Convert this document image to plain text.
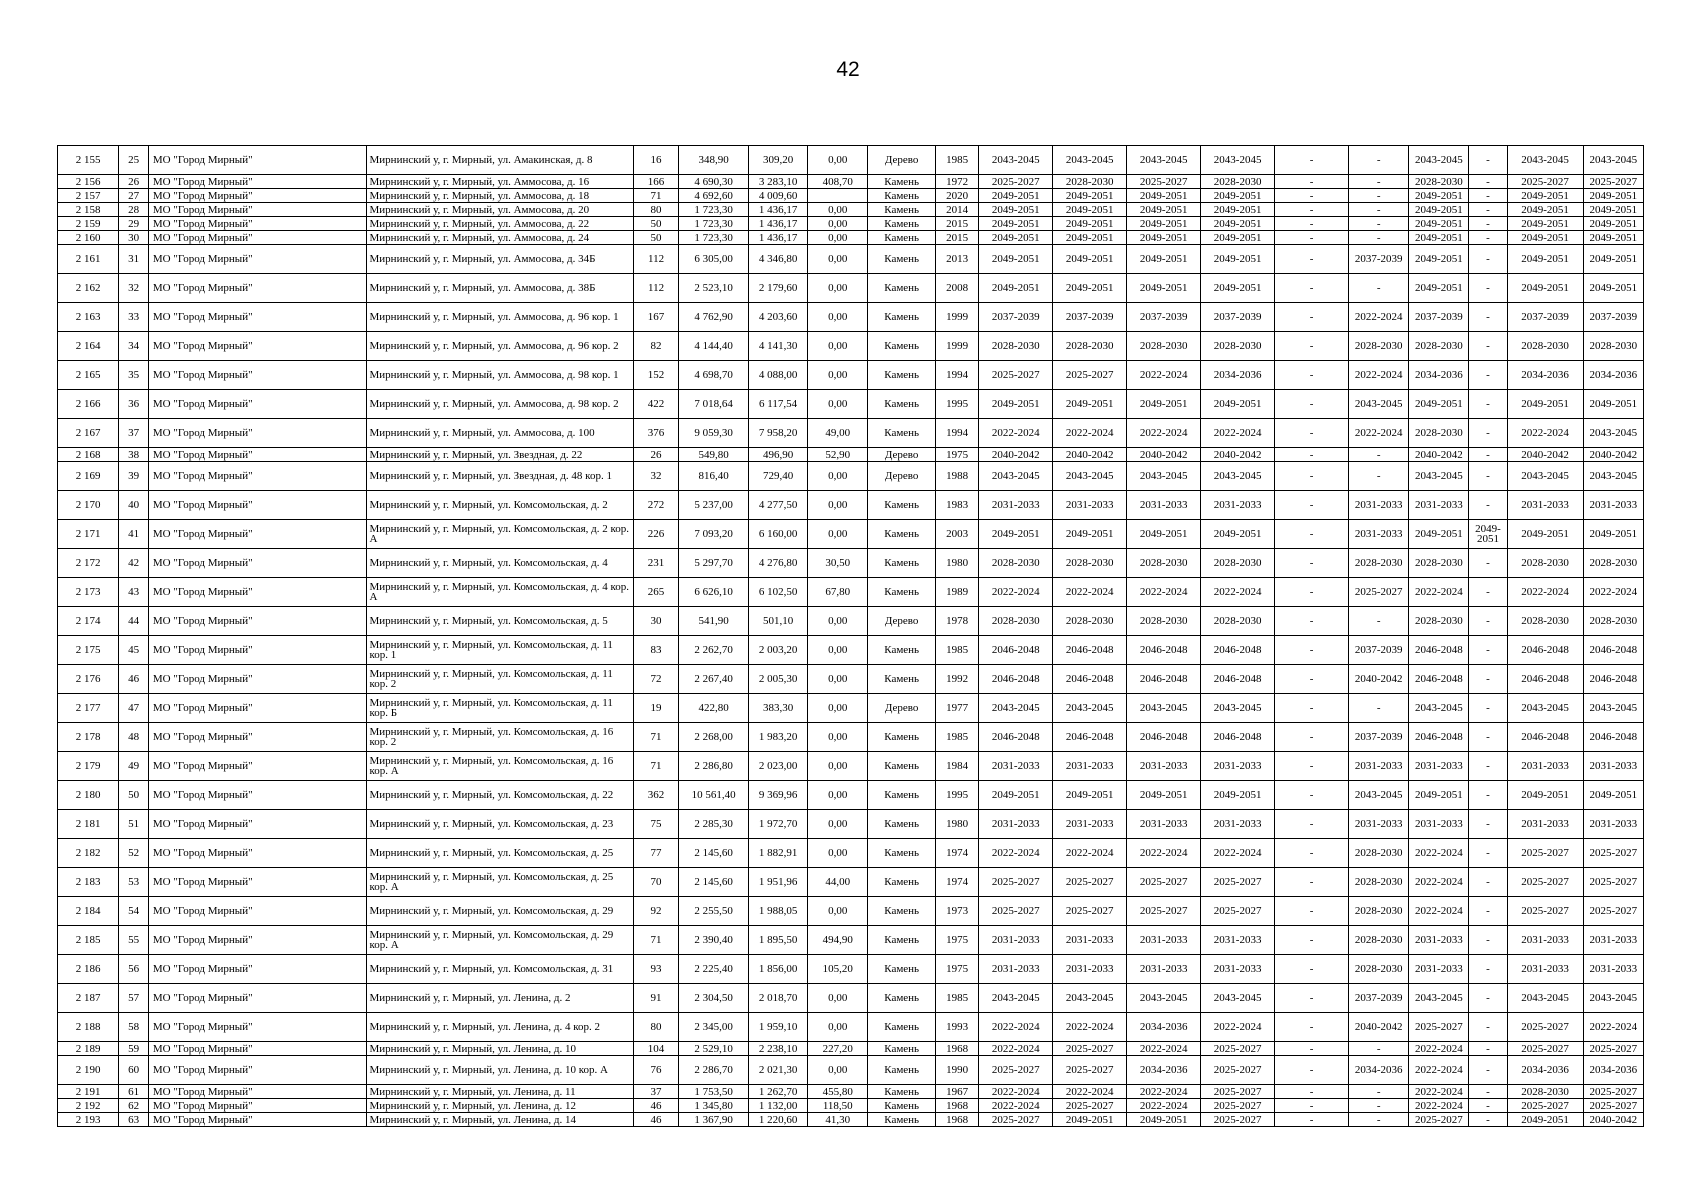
42
2 155	25	МО "Город Мирный"	Мирнинский у, г. Мирный, ул. Амакинская, д. 8	16	348,90	309,20	0,00	Дерево	1985	2043-2045	2043-2045	2043-2045	2043-2045	-	-	2043-2045	-	2043-2045	2043-2045
2 156	26	МО "Город Мирный"	Мирнинский у, г. Мирный, ул. Аммосова, д. 16	166	4 690,30	3 283,10	408,70	Камень	1972	2025-2027	2028-2030	2025-2027	2028-2030	-	-	2028-2030	-	2025-2027	2025-2027
2 157	27	МО "Город Мирный"	Мирнинский у, г. Мирный, ул. Аммосова, д. 18	71	4 692,60	4 009,60		Камень	2020	2049-2051	2049-2051	2049-2051	2049-2051	-	-	2049-2051	-	2049-2051	2049-2051
2 158	28	МО "Город Мирный"	Мирнинский у, г. Мирный, ул. Аммосова, д. 20	80	1 723,30	1 436,17	0,00	Камень	2014	2049-2051	2049-2051	2049-2051	2049-2051	-	-	2049-2051	-	2049-2051	2049-2051
2 159	29	МО "Город Мирный"	Мирнинский у, г. Мирный, ул. Аммосова, д. 22	50	1 723,30	1 436,17	0,00	Камень	2015	2049-2051	2049-2051	2049-2051	2049-2051	-	-	2049-2051	-	2049-2051	2049-2051
2 160	30	МО "Город Мирный"	Мирнинский у, г. Мирный, ул. Аммосова, д. 24	50	1 723,30	1 436,17	0,00	Камень	2015	2049-2051	2049-2051	2049-2051	2049-2051	-	-	2049-2051	-	2049-2051	2049-2051
2 161	31	МО "Город Мирный"	Мирнинский у, г. Мирный, ул. Аммосова, д. 34Б	112	6 305,00	4 346,80	0,00	Камень	2013	2049-2051	2049-2051	2049-2051	2049-2051	-	2037-2039	2049-2051	-	2049-2051	2049-2051
2 162	32	МО "Город Мирный"	Мирнинский у, г. Мирный, ул. Аммосова, д. 38Б	112	2 523,10	2 179,60	0,00	Камень	2008	2049-2051	2049-2051	2049-2051	2049-2051	-	-	2049-2051	-	2049-2051	2049-2051
2 163	33	МО "Город Мирный"	Мирнинский у, г. Мирный, ул. Аммосова, д. 96 кор. 1	167	4 762,90	4 203,60	0,00	Камень	1999	2037-2039	2037-2039	2037-2039	2037-2039	-	2022-2024	2037-2039	-	2037-2039	2037-2039
2 164	34	МО "Город Мирный"	Мирнинский у, г. Мирный, ул. Аммосова, д. 96 кор. 2	82	4 144,40	4 141,30	0,00	Камень	1999	2028-2030	2028-2030	2028-2030	2028-2030	-	2028-2030	2028-2030	-	2028-2030	2028-2030
2 165	35	МО "Город Мирный"	Мирнинский у, г. Мирный, ул. Аммосова, д. 98 кор. 1	152	4 698,70	4 088,00	0,00	Камень	1994	2025-2027	2025-2027	2022-2024	2034-2036	-	2022-2024	2034-2036	-	2034-2036	2034-2036
2 166	36	МО "Город Мирный"	Мирнинский у, г. Мирный, ул. Аммосова, д. 98 кор. 2	422	7 018,64	6 117,54	0,00	Камень	1995	2049-2051	2049-2051	2049-2051	2049-2051	-	2043-2045	2049-2051	-	2049-2051	2049-2051
2 167	37	МО "Город Мирный"	Мирнинский у, г. Мирный, ул. Аммосова, д. 100	376	9 059,30	7 958,20	49,00	Камень	1994	2022-2024	2022-2024	2022-2024	2022-2024	-	2022-2024	2028-2030	-	2022-2024	2043-2045
2 168	38	МО "Город Мирный"	Мирнинский у, г. Мирный, ул. Звездная, д. 22	26	549,80	496,90	52,90	Дерево	1975	2040-2042	2040-2042	2040-2042	2040-2042	-	-	2040-2042	-	2040-2042	2040-2042
2 169	39	МО "Город Мирный"	Мирнинский у, г. Мирный, ул. Звездная, д. 48 кор. 1	32	816,40	729,40	0,00	Дерево	1988	2043-2045	2043-2045	2043-2045	2043-2045	-	-	2043-2045	-	2043-2045	2043-2045
2 170	40	МО "Город Мирный"	Мирнинский у, г. Мирный, ул. Комсомольская, д. 2	272	5 237,00	4 277,50	0,00	Камень	1983	2031-2033	2031-2033	2031-2033	2031-2033	-	2031-2033	2031-2033	-	2031-2033	2031-2033
2 171	41	МО "Город Мирный"	Мирнинский у, г. Мирный, ул. Комсомольская, д. 2 кор. А	226	7 093,20	6 160,00	0,00	Камень	2003	2049-2051	2049-2051	2049-2051	2049-2051	-	2031-2033	2049-2051	2049-2051	2049-2051	2049-2051
2 172	42	МО "Город Мирный"	Мирнинский у, г. Мирный, ул. Комсомольская, д. 4	231	5 297,70	4 276,80	30,50	Камень	1980	2028-2030	2028-2030	2028-2030	2028-2030	-	2028-2030	2028-2030	-	2028-2030	2028-2030
2 173	43	МО "Город Мирный"	Мирнинский у, г. Мирный, ул. Комсомольская, д. 4 кор. А	265	6 626,10	6 102,50	67,80	Камень	1989	2022-2024	2022-2024	2022-2024	2022-2024	-	2025-2027	2022-2024	-	2022-2024	2022-2024
2 174	44	МО "Город Мирный"	Мирнинский у, г. Мирный, ул. Комсомольская, д. 5	30	541,90	501,10	0,00	Дерево	1978	2028-2030	2028-2030	2028-2030	2028-2030	-	-	2028-2030	-	2028-2030	2028-2030
2 175	45	МО "Город Мирный"	Мирнинский у, г. Мирный, ул. Комсомольская, д. 11 кор. 1	83	2 262,70	2 003,20	0,00	Камень	1985	2046-2048	2046-2048	2046-2048	2046-2048	-	2037-2039	2046-2048	-	2046-2048	2046-2048
2 176	46	МО "Город Мирный"	Мирнинский у, г. Мирный, ул. Комсомольская, д. 11 кор. 2	72	2 267,40	2 005,30	0,00	Камень	1992	2046-2048	2046-2048	2046-2048	2046-2048	-	2040-2042	2046-2048	-	2046-2048	2046-2048
2 177	47	МО "Город Мирный"	Мирнинский у, г. Мирный, ул. Комсомольская, д. 11 кор. Б	19	422,80	383,30	0,00	Дерево	1977	2043-2045	2043-2045	2043-2045	2043-2045	-	-	2043-2045	-	2043-2045	2043-2045
2 178	48	МО "Город Мирный"	Мирнинский у, г. Мирный, ул. Комсомольская, д. 16 кор. 2	71	2 268,00	1 983,20	0,00	Камень	1985	2046-2048	2046-2048	2046-2048	2046-2048	-	2037-2039	2046-2048	-	2046-2048	2046-2048
2 179	49	МО "Город Мирный"	Мирнинский у, г. Мирный, ул. Комсомольская, д. 16 кор. А	71	2 286,80	2 023,00	0,00	Камень	1984	2031-2033	2031-2033	2031-2033	2031-2033	-	2031-2033	2031-2033	-	2031-2033	2031-2033
2 180	50	МО "Город Мирный"	Мирнинский у, г. Мирный, ул. Комсомольская, д. 22	362	10 561,40	9 369,96	0,00	Камень	1995	2049-2051	2049-2051	2049-2051	2049-2051	-	2043-2045	2049-2051	-	2049-2051	2049-2051
2 181	51	МО "Город Мирный"	Мирнинский у, г. Мирный, ул. Комсомольская, д. 23	75	2 285,30	1 972,70	0,00	Камень	1980	2031-2033	2031-2033	2031-2033	2031-2033	-	2031-2033	2031-2033	-	2031-2033	2031-2033
2 182	52	МО "Город Мирный"	Мирнинский у, г. Мирный, ул. Комсомольская, д. 25	77	2 145,60	1 882,91	0,00	Камень	1974	2022-2024	2022-2024	2022-2024	2022-2024	-	2028-2030	2022-2024	-	2025-2027	2025-2027
2 183	53	МО "Город Мирный"	Мирнинский у, г. Мирный, ул. Комсомольская, д. 25 кор. А	70	2 145,60	1 951,96	44,00	Камень	1974	2025-2027	2025-2027	2025-2027	2025-2027	-	2028-2030	2022-2024	-	2025-2027	2025-2027
2 184	54	МО "Город Мирный"	Мирнинский у, г. Мирный, ул. Комсомольская, д. 29	92	2 255,50	1 988,05	0,00	Камень	1973	2025-2027	2025-2027	2025-2027	2025-2027	-	2028-2030	2022-2024	-	2025-2027	2025-2027
2 185	55	МО "Город Мирный"	Мирнинский у, г. Мирный, ул. Комсомольская, д. 29 кор. А	71	2 390,40	1 895,50	494,90	Камень	1975	2031-2033	2031-2033	2031-2033	2031-2033	-	2028-2030	2031-2033	-	2031-2033	2031-2033
2 186	56	МО "Город Мирный"	Мирнинский у, г. Мирный, ул. Комсомольская, д. 31	93	2 225,40	1 856,00	105,20	Камень	1975	2031-2033	2031-2033	2031-2033	2031-2033	-	2028-2030	2031-2033	-	2031-2033	2031-2033
2 187	57	МО "Город Мирный"	Мирнинский у, г. Мирный, ул. Ленина, д. 2	91	2 304,50	2 018,70	0,00	Камень	1985	2043-2045	2043-2045	2043-2045	2043-2045	-	2037-2039	2043-2045	-	2043-2045	2043-2045
2 188	58	МО "Город Мирный"	Мирнинский у, г. Мирный, ул. Ленина, д. 4 кор. 2	80	2 345,00	1 959,10	0,00	Камень	1993	2022-2024	2022-2024	2034-2036	2022-2024	-	2040-2042	2025-2027	-	2025-2027	2022-2024
2 189	59	МО "Город Мирный"	Мирнинский у, г. Мирный, ул. Ленина, д. 10	104	2 529,10	2 238,10	227,20	Камень	1968	2022-2024	2025-2027	2022-2024	2025-2027	-	-	2022-2024	-	2025-2027	2025-2027
2 190	60	МО "Город Мирный"	Мирнинский у, г. Мирный, ул. Ленина, д. 10 кор. А	76	2 286,70	2 021,30	0,00	Камень	1990	2025-2027	2025-2027	2034-2036	2025-2027	-	2034-2036	2022-2024	-	2034-2036	2034-2036
2 191	61	МО "Город Мирный"	Мирнинский у, г. Мирный, ул. Ленина, д. 11	37	1 753,50	1 262,70	455,80	Камень	1967	2022-2024	2022-2024	2022-2024	2025-2027	-	-	2022-2024	-	2028-2030	2025-2027
2 192	62	МО "Город Мирный"	Мирнинский у, г. Мирный, ул. Ленина, д. 12	46	1 345,80	1 132,00	118,50	Камень	1968	2022-2024	2025-2027	2022-2024	2025-2027	-	-	2022-2024	-	2025-2027	2025-2027
2 193	63	МО "Город Мирный"	Мирнинский у, г. Мирный, ул. Ленина, д. 14	46	1 367,90	1 220,60	41,30	Камень	1968	2025-2027	2049-2051	2049-2051	2025-2027	-	-	2025-2027	-	2049-2051	2040-2042
